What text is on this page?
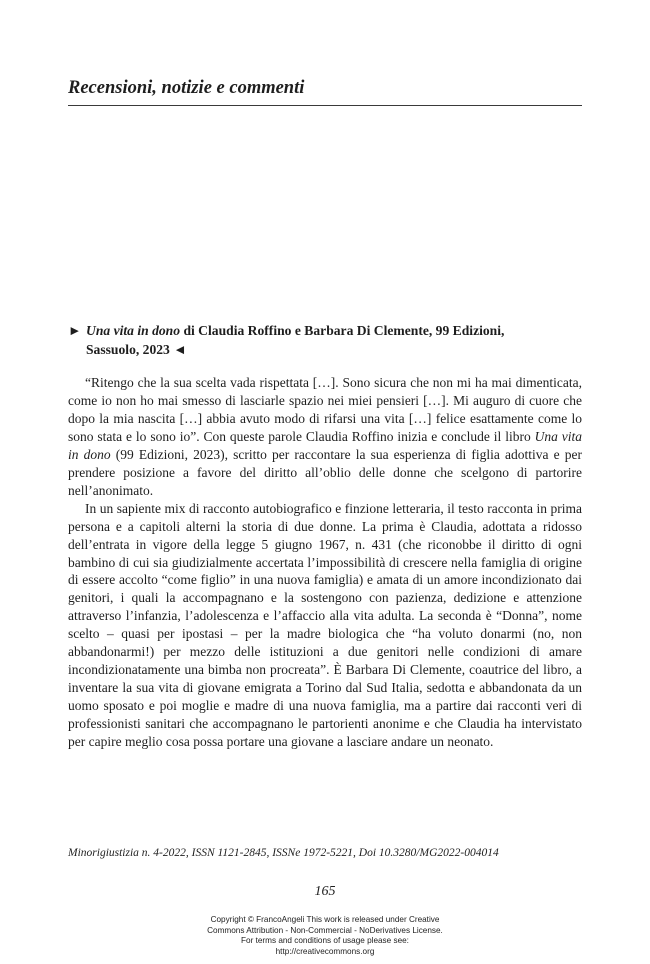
Recensioni, notizie e commenti
► Una vita in dono di Claudia Roffino e Barbara Di Clemente, 99 Edizioni,
Sassuolo, 2023 ◄

“Ritengo che la sua scelta vada rispettata […]. Sono sicura che non mi ha mai dimenticata, come io non ho mai smesso di lasciarle spazio nei miei pensieri […]. Mi auguro di cuore che dopo la mia nascita […] abbia avuto modo di rifarsi una vita […] felice esattamente come lo sono stata e lo sono io”. Con queste parole Claudia Roffino inizia e conclude il libro Una vita in dono (99 Edizioni, 2023), scritto per raccontare la sua esperienza di figlia adottiva e per prendere posizione a favore del diritto all’oblio delle donne che scelgono di partorire nell’anonimato.

In un sapiente mix di racconto autobiografico e finzione letteraria, il testo racconta in prima persona e a capitoli alterni la storia di due donne. La prima è Claudia, adottata a ridosso dell’entrata in vigore della legge 5 giugno 1967, n. 431 (che riconobbe il diritto di ogni bambino di cui sia giudizialmente accertata l’impossibilità di crescere nella famiglia di origine di essere accolto “come figlio” in una nuova famiglia) e amata di un amore incondizionato dai genitori, i quali la accompagnano e la sostengono con pazienza, dedizione e attenzione attraverso l’infanzia, l’adolescenza e l’affaccio alla vita adulta. La seconda è “Donna”, nome scelto – quasi per ipostasi – per la madre biologica che “ha voluto donarmi (no, non abbandonarmi!) per mezzo delle istituzioni a due genitori nelle condizioni di amare incondizionatamente una bimba non procreata”. È Barbara Di Clemente, coautrice del libro, a inventare la sua vita di giovane emigrata a Torino dal Sud Italia, sedotta e abbandonata da un uomo sposato e poi moglie e madre di una nuova famiglia, ma a partire dai racconti veri di professionisti sanitari che accompagnano le partorienti anonime e che Claudia ha intervistato per capire meglio cosa possa portare una giovane a lasciare andare un neonato.

Minorigiustizia n. 4-2022, ISSN 1121-2845, ISSNe 1972-5221, Doi 10.3280/MG2022-004014
165
Copyright © FrancoAngeli This work is released under Creative
Commons Attribution - Non-Commercial - NoDerivatives License.
For terms and conditions of usage please see:
http://creativecommons.org
